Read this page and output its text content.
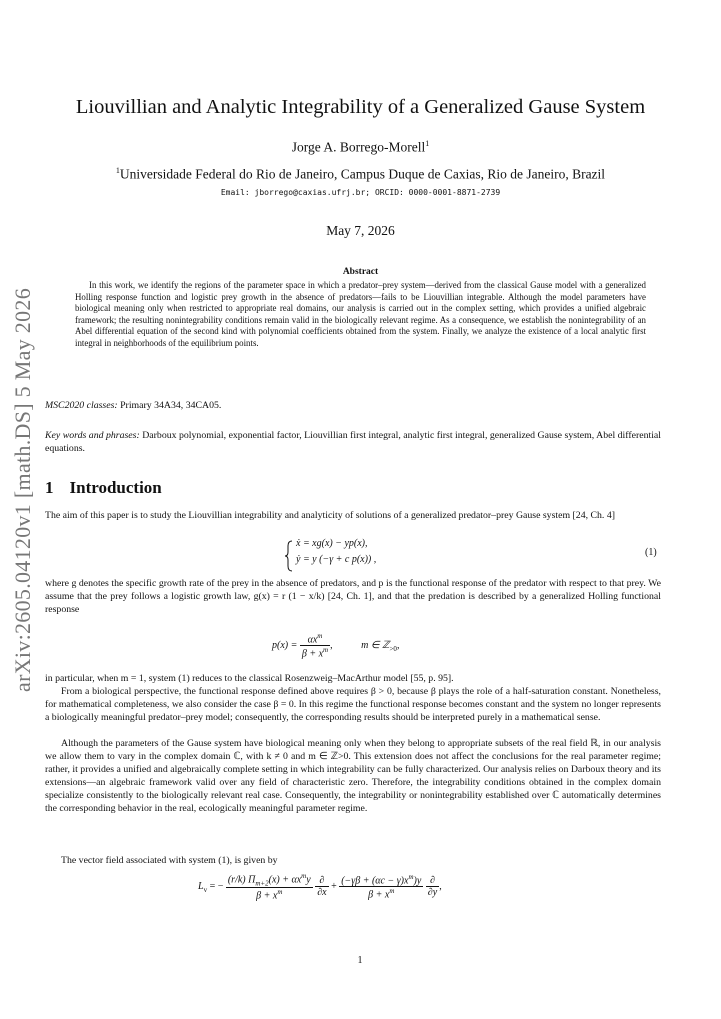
arXiv:2605.04120v1 [math.DS] 5 May 2026
Liouvillian and Analytic Integrability of a Generalized Gause System
Jorge A. Borrego-Morell$^1$
$^1$Universidade Federal do Rio de Janeiro, Campus Duque de Caxias, Rio de Janeiro, Brazil
Email: jborrego@caxias.ufrj.br; ORCID: 0000-0001-8871-2739
May 7, 2026
Abstract
In this work, we identify the regions of the parameter space in which a predator–prey system—derived from the classical Gause model with a generalized Holling response function and logistic prey growth in the absence of predators—fails to be Liouvillian integrable. Although the model parameters have biological meaning only when restricted to appropriate real domains, our analysis is carried out in the complex setting, which provides a unified algebraic framework; the resulting nonintegrability conditions remain valid in the biologically relevant regime. As a consequence, we establish the nonintegrability of an Abel differential equation of the second kind with polynomial coefficients obtained from the system. Finally, we analyze the existence of a local analytic first integral in neighborhoods of the equilibrium points.
MSC2020 classes: Primary 34A34, 34CA05.
Key words and phrases: Darboux polynomial, exponential factor, Liouvillian first integral, analytic first integral, generalized Gause system, Abel differential equations.
1 Introduction
The aim of this paper is to study the Liouvillian integrability and analyticity of solutions of a generalized predator–prey Gause system [24, Ch. 4]
ẋ = xg(x) − yp(x),
ẏ = y (−γ + c p(x)) ,
(1)
where g denotes the specific growth rate of the prey in the absence of predators, and p is the functional response of the predator with respect to that prey. We assume that the prey follows a logistic growth law, g(x) = r (1 − x/k) [24, Ch. 1], and that the predation is described by a generalized Holling functional response
$p(x) = \frac{\alpha x^m}{\beta + x^m}$ ,	m ∈ ℤ$_{>0}$,
in particular, when m = 1, system (1) reduces to the classical Rosenzweig–MacArthur model [55, p. 95].
From a biological perspective, the functional response defined above requires β > 0, because β plays the role of a half-saturation constant. Nonetheless, for mathematical completeness, we also consider the case β = 0. In this regime the functional response becomes constant and the system no longer represents a biologically meaningful predator–prey model; consequently, the corresponding results should be interpreted purely in a mathematical sense.
Although the parameters of the Gause system have biological meaning only when they belong to appropriate subsets of the real field ℝ, in our analysis we allow them to vary in the complex domain ℂ, with k ≠ 0 and m ∈ ℤ>0. This extension does not affect the conclusions for the real parameter regime; rather, it provides a unified and algebraically complete setting in which integrability can be fully characterized. Our analysis relies on Darboux theory and its extensions—an algebraic framework valid over any field of characteristic zero. Therefore, the integrability conditions obtained in the complex domain specialize consistently to the biologically relevant real case. Consequently, the integrability or nonintegrability established over ℂ automatically determines the corresponding behavior in the real, ecologically meaningful parameter regime.
The vector field associated with system (1), is given by
$L_v$ = − $\frac{(r/k) \Pi_{m+2}(x) + \alpha x^my}{\beta + x^m}$
$\frac{\partial}{\partial x} + \frac{(-\gamma\beta + (\alpha c - \gamma)x^m)y}{\beta + x^m}$
$\frac{\partial}{\partial y}$ ,
1
